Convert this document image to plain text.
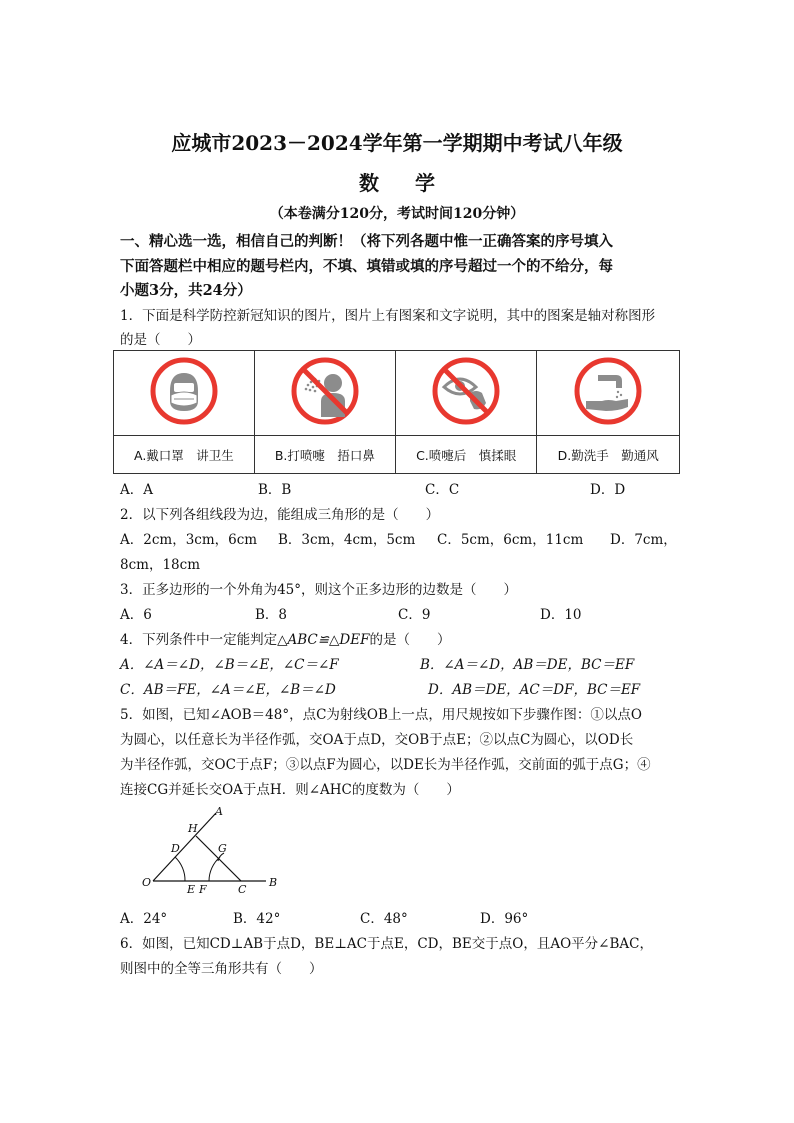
应城市2023－2024学年第一学期期中考试八年级
数学
（本卷满分120分，考试时间120分钟）
一、精心选一选，相信自己的判断！（将下列各题中惟一正确答案的序号填入
下面答题栏中相应的题号栏内，不填、填错或填的序号超过一个的不给分，每
小题3分，共24分）
1．下面是科学防控新冠知识的图片，图片上有图案和文字说明，其中的图案是轴对称图形
的是（　　）

A.戴口罩　讲卫生	B.打喷嚏　捂口鼻	C.喷嚏后　慎揉眼	D.勤洗手　勤通风
A．A	B．B	C．C	D．D
2．以下列各组线段为边，能组成三角形的是（　　）
A．2cm，3cm，6cm B．3cm，4cm，5cm C．5cm，6cm，11cm D．7cm，
8cm，18cm
3．正多边形的一个外角为45°，则这个正多边形的边数是（　　）
A．6	B．8	C．9	D．10
4．下列条件中一定能判定△ABC≌△DEF的是（　　）
A．∠A＝∠D，∠B＝∠E，∠C＝∠F	B．∠A＝∠D，AB＝DE，BC＝EF
C．AB＝FE，∠A＝∠E，∠B＝∠D	D．AB＝DE，AC＝DF，BC＝EF
5．如图，已知∠AOB＝48°，点C为射线OB上一点，用尺规按如下步骤作图：①以点O
为圆心，以任意长为半径作弧，交OA于点D，交OB于点E；②以点C为圆心，以OD长
为半径作弧，交OC于点F；③以点F为圆心，以DE长为半径作弧，交前面的弧于点G；④
连接CG并延长交OA于点H．则∠AHC的度数为（　　）
A
H
D	G
O
E F	C
B
A．24°	B．42°	C．48°	D．96°
6．如图，已知CD⊥AB于点D，BE⊥AC于点E，CD，BE交于点O，且AO平分∠BAC，
则图中的全等三角形共有（　　）
